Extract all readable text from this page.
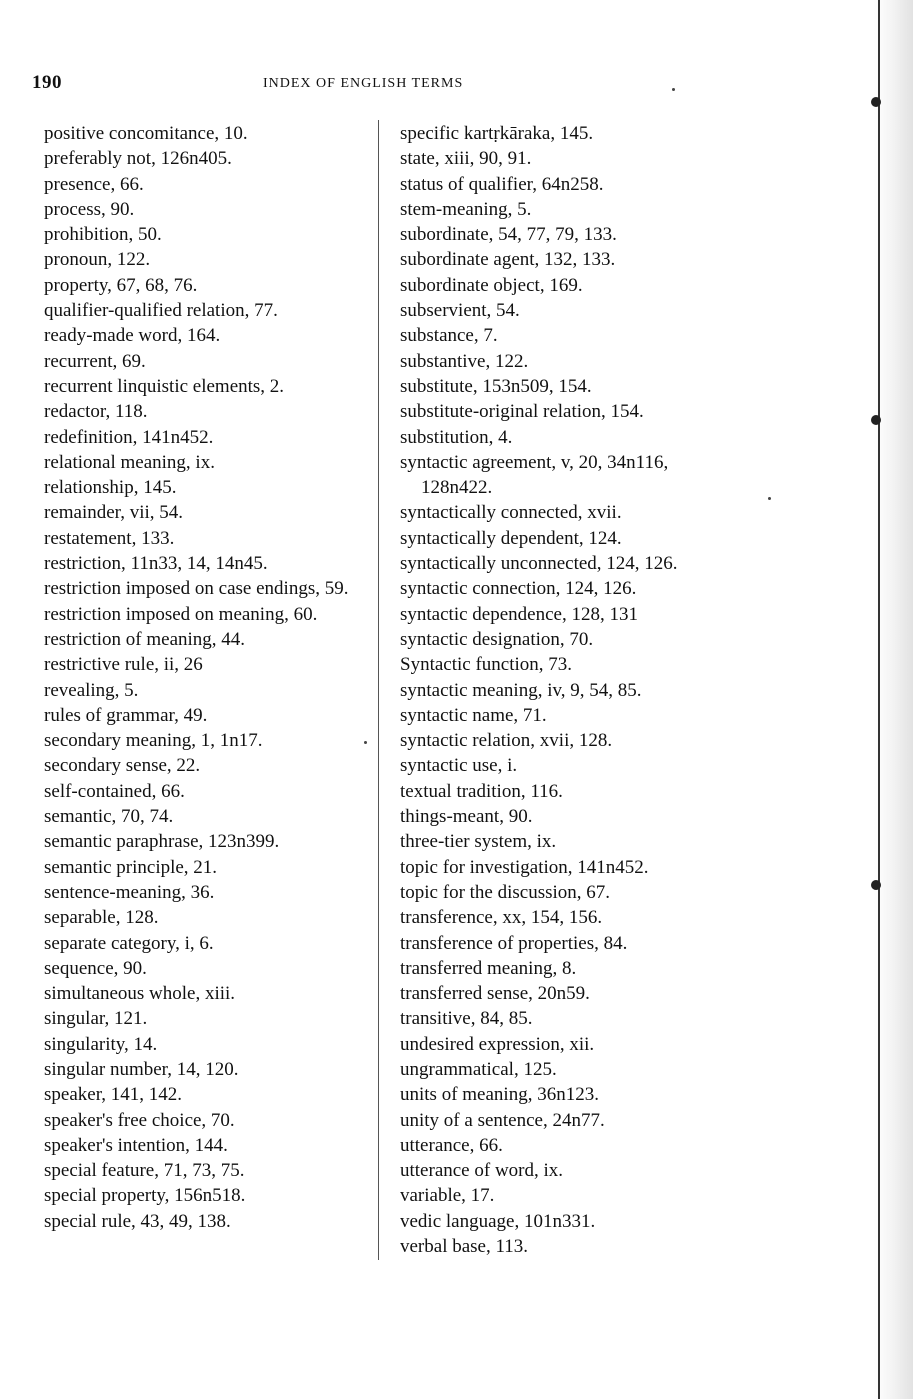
190	INDEX OF ENGLISH TERMS
positive concomitance, 10.
preferably not, 126n405.
presence, 66.
process, 90.
prohibition, 50.
pronoun, 122.
property, 67, 68, 76.
qualifier-qualified relation, 77.
ready-made word, 164.
recurrent, 69.
recurrent linquistic elements, 2.
redactor, 118.
redefinition, 141n452.
relational meaning, ix.
relationship, 145.
remainder, vii, 54.
restatement, 133.
restriction, 11n33, 14, 14n45.
restriction imposed on case endings, 59.
restriction imposed on meaning, 60.
restriction of meaning, 44.
restrictive rule, ii, 26
revealing, 5.
rules of grammar, 49.
secondary meaning, 1, 1n17.
secondary sense, 22.
self-contained, 66.
semantic, 70, 74.
semantic paraphrase, 123n399.
semantic principle, 21.
sentence-meaning, 36.
separable, 128.
separate category, i, 6.
sequence, 90.
simultaneous whole, xiii.
singular, 121.
singularity, 14.
singular number, 14, 120.
speaker, 141, 142.
speaker's free choice, 70.
speaker's intention, 144.
special feature, 71, 73, 75.
special property, 156n518.
special rule, 43, 49, 138.
specific kartṛkāraka, 145.
state, xiii, 90, 91.
status of qualifier, 64n258.
stem-meaning, 5.
subordinate, 54, 77, 79, 133.
subordinate agent, 132, 133.
subordinate object, 169.
subservient, 54.
substance, 7.
substantive, 122.
substitute, 153n509, 154.
substitute-original relation, 154.
substitution, 4.
syntactic agreement, v, 20, 34n116, 128n422.
syntactically connected, xvii.
syntactically dependent, 124.
syntactically unconnected, 124, 126.
syntactic connection, 124, 126.
syntactic dependence, 128, 131
syntactic designation, 70.
Syntactic function, 73.
syntactic meaning, iv, 9, 54, 85.
syntactic name, 71.
syntactic relation, xvii, 128.
syntactic use, i.
textual tradition, 116.
things-meant, 90.
three-tier system, ix.
topic for investigation, 141n452.
topic for the discussion, 67.
transference, xx, 154, 156.
transference of properties, 84.
transferred meaning, 8.
transferred sense, 20n59.
transitive, 84, 85.
undesired expression, xii.
ungrammatical, 125.
units of meaning, 36n123.
unity of a sentence, 24n77.
utterance, 66.
utterance of word, ix.
variable, 17.
vedic language, 101n331.
verbal base, 113.
